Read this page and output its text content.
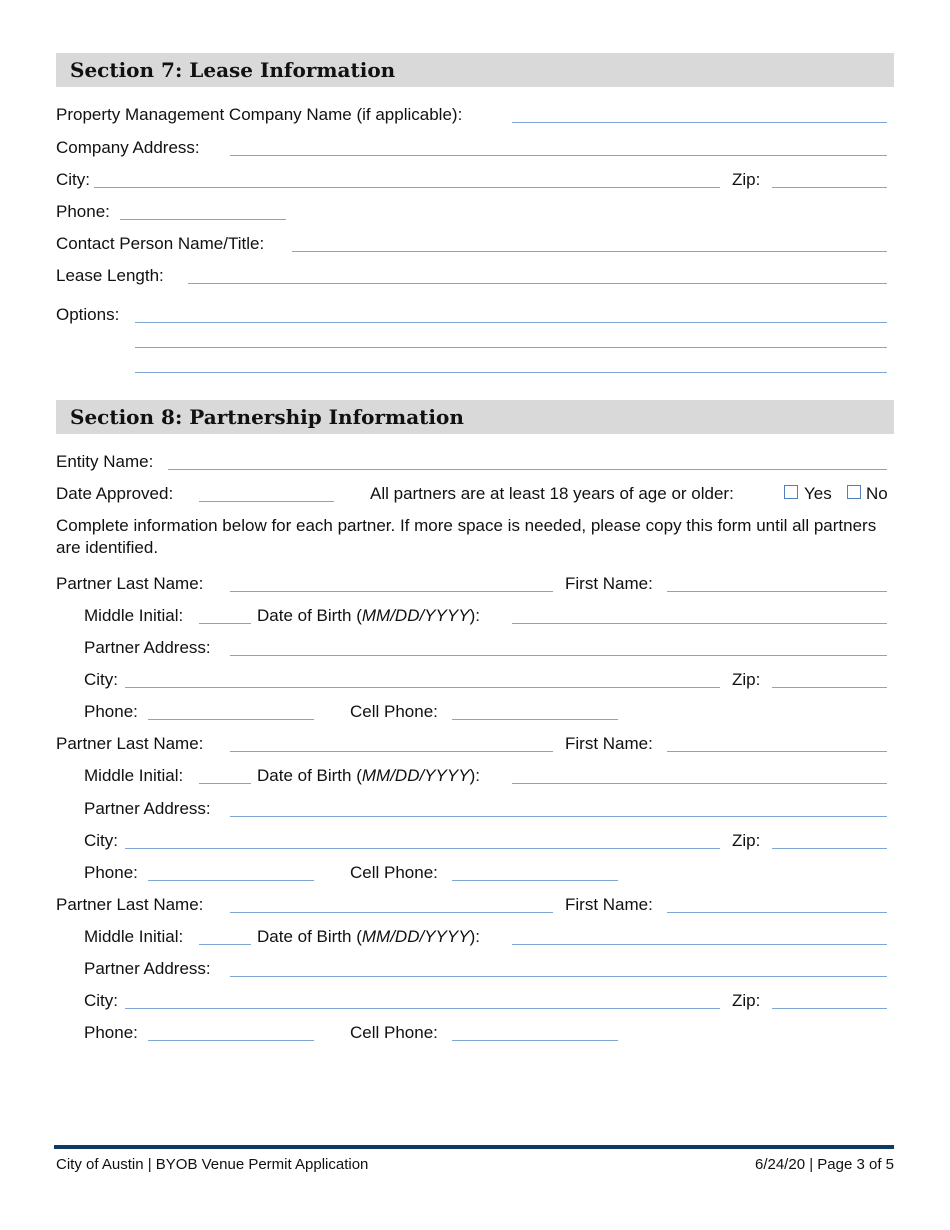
Section 7: Lease Information
Property Management Company Name (if applicable):
Company Address:
City:	Zip:
Phone:
Contact Person Name/Title:
Lease Length:
Options:
Section 8: Partnership Information
Entity Name:
Date Approved:	All partners are at least 18 years of age or older:	Yes No
Complete information below for each partner. If more space is needed, please copy this form until all partners are identified.
Partner Last Name:	First Name:
Middle Initial:	Date of Birth (MM/DD/YYYY):
Partner Address:
City:	Zip:
Phone:	Cell Phone:
Partner Last Name:	First Name:
Middle Initial:	Date of Birth (MM/DD/YYYY):
Partner Address:
City:	Zip:
Phone:	Cell Phone:
Partner Last Name:	First Name:
Middle Initial:	Date of Birth (MM/DD/YYYY):
Partner Address:
City:	Zip:
Phone:	Cell Phone:
City of Austin | BYOB Venue Permit Application	6/24/20 | Page 3 of 5
